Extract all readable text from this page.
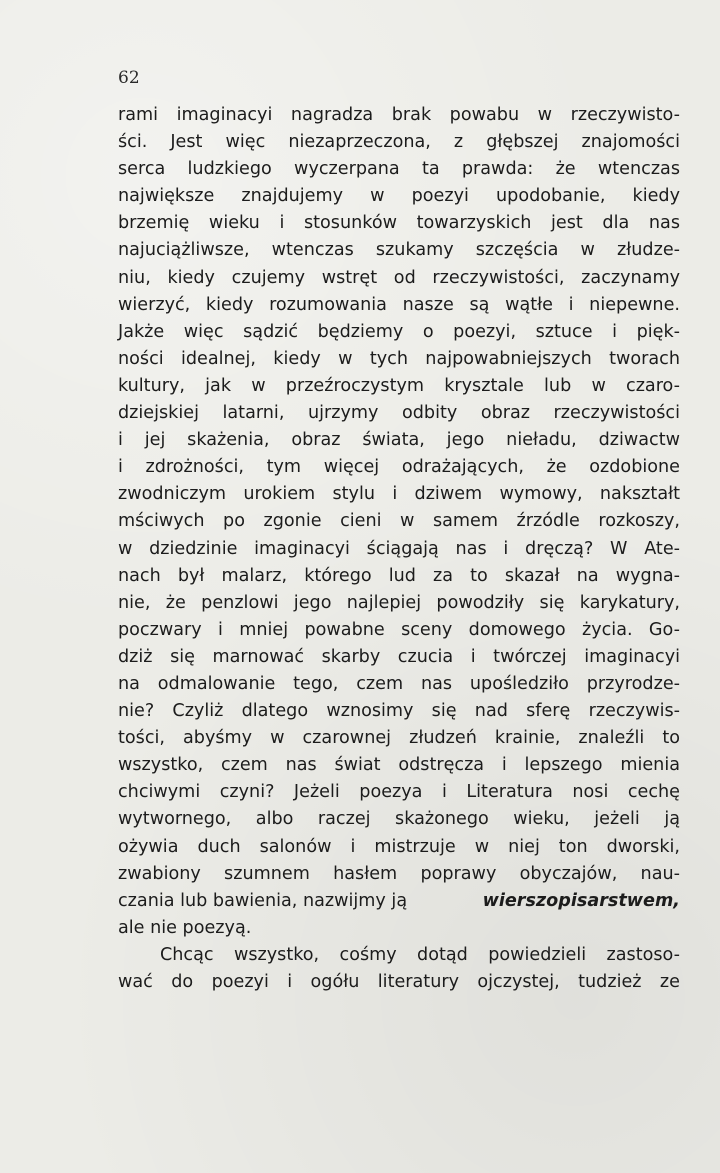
62
rami imaginacyi nagradza brak powabu w rzeczywisto-
ści. Jest więc niezaprzeczona, z głębszej znajomości
serca ludzkiego wyczerpana ta prawda: że wtenczas
największe znajdujemy w poezyi upodobanie, kiedy
brzemię wieku i stosunków towarzyskich jest dla nas
najuciążliwsze, wtenczas szukamy szczęścia w złudze-
niu, kiedy czujemy wstręt od rzeczywistości, zaczynamy
wierzyć, kiedy rozumowania nasze są wątłe i niepewne.
Jakże więc sądzić będziemy o poezyi, sztuce i pięk-
ności idealnej, kiedy w tych najpowabniejszych tworach
kultury, jak w przeźroczystym krysztale lub w czaro-
dziejskiej latarni, ujrzymy odbity obraz rzeczywistości
i jej skażenia, obraz świata, jego nieładu, dziwactw
i zdrożności, tym więcej odrażających, że ozdobione
zwodniczym urokiem stylu i dziwem wymowy, nakształt
mściwych po zgonie cieni w samem źrzódle rozkoszy,
w dziedzinie imaginacyi ściągają nas i dręczą? W Ate-
nach był malarz, którego lud za to skazał na wygna-
nie, że penzlowi jego najlepiej powodziły się karykatury,
poczwary i mniej powabne sceny domowego życia. Go-
dziż się marnować skarby czucia i twórczej imaginacyi
na odmalowanie tego, czem nas upośledziło przyrodze-
nie? Czyliż dlatego wznosimy się nad sferę rzeczywis-
tości, abyśmy w czarownej złudzeń krainie, znaleźli to
wszystko, czem nas świat odstręcza i lepszego mienia
chciwymi czyni? Jeżeli poezya i Literatura nosi cechę
wytwornego, albo raczej skażonego wieku, jeżeli ją
ożywia duch salonów i mistrzuje w niej ton dworski,
zwabiony szumnem hasłem poprawy obyczajów, nau-
czania lub bawienia, nazwijmy ją	wierszopisarstwem,
ale nie poezyą.
Chcąc wszystko, cośmy dotąd powiedzieli zastoso-
wać do poezyi i ogółu literatury ojczystej, tudzież ze
